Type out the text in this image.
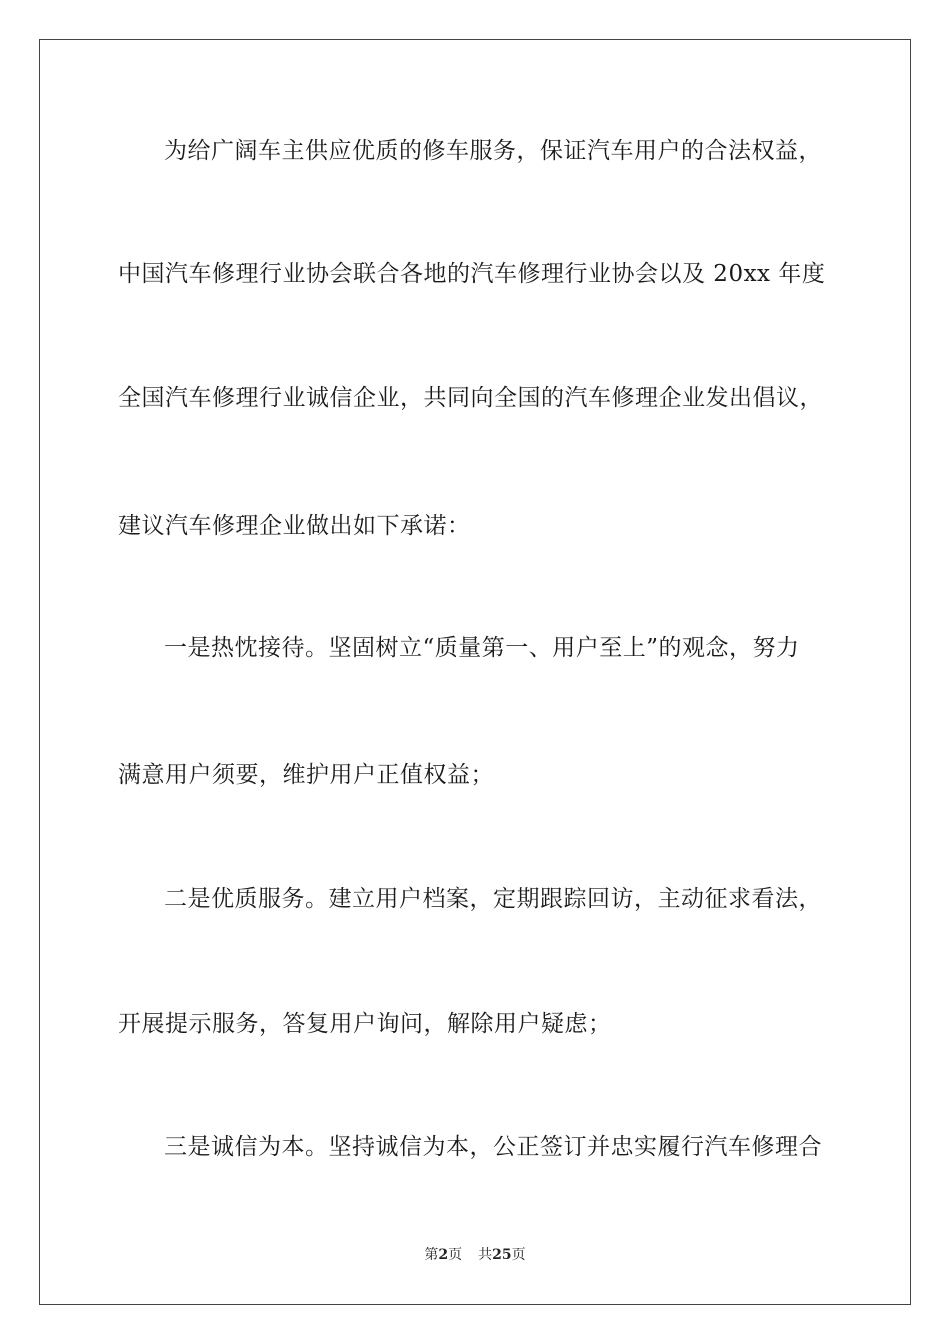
为给广阔车主供应优质的修车服务，保证汽车用户的合法权益，
中国汽车修理行业协会联合各地的汽车修理行业协会以及 20xx 年度
全国汽车修理行业诚信企业，共同向全国的汽车修理企业发出倡议，
建议汽车修理企业做出如下承诺：
一是热忱接待。坚固树立“质量第一、用户至上”的观念，努力
满意用户须要，维护用户正值权益；
二是优质服务。建立用户档案，定期跟踪回访，主动征求看法，
开展提示服务，答复用户询问，解除用户疑虑；
三是诚信为本。坚持诚信为本，公正签订并忠实履行汽车修理合
第2页 共25页
